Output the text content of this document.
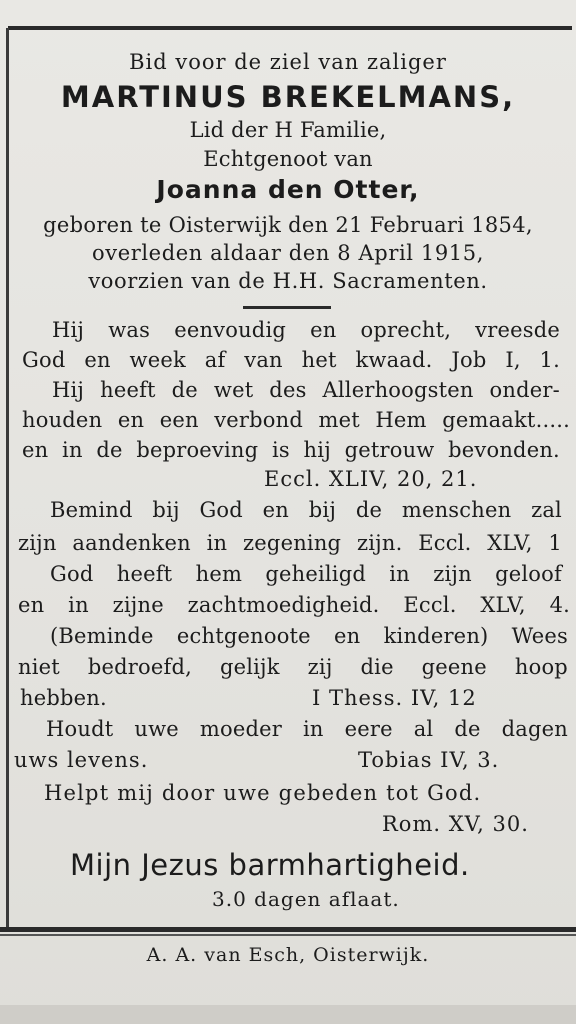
Bid voor de ziel van zaliger
MARTINUS BREKELMANS,
Lid der H Familie,
Echtgenoot van
Joanna den Otter,
geboren te Oisterwijk den 21 Februari 1854,
overleden aldaar den 8 April 1915,
voorzien van de H.H. Sacramenten.
Hij was eenvoudig en oprecht, vreesde
God en week af van het kwaad. Job I, 1.
Hij heeft de wet des Allerhoogsten onder-
houden en een verbond met Hem gemaakt.....
en in de beproeving is hij getrouw bevonden.
Eccl. XLIV, 20, 21.
Bemind bij God en bij de menschen zal
zijn aandenken in zegening zijn. Eccl. XLV, 1
God heeft hem geheiligd in zijn geloof
en in zijne zachtmoedigheid. Eccl. XLV, 4.
(Beminde echtgenoote en kinderen) Wees
niet bedroefd, gelijk zij die geene hoop
hebben.	I Thess. IV, 12
Houdt uwe moeder in eere al de dagen
uws levens.	Tobias IV, 3.
Helpt mij door uwe gebeden tot God.
Rom. XV, 30.
Mijn Jezus barmhartigheid.
3.0 dagen aflaat.
A. A. van Esch, Oisterwijk.
